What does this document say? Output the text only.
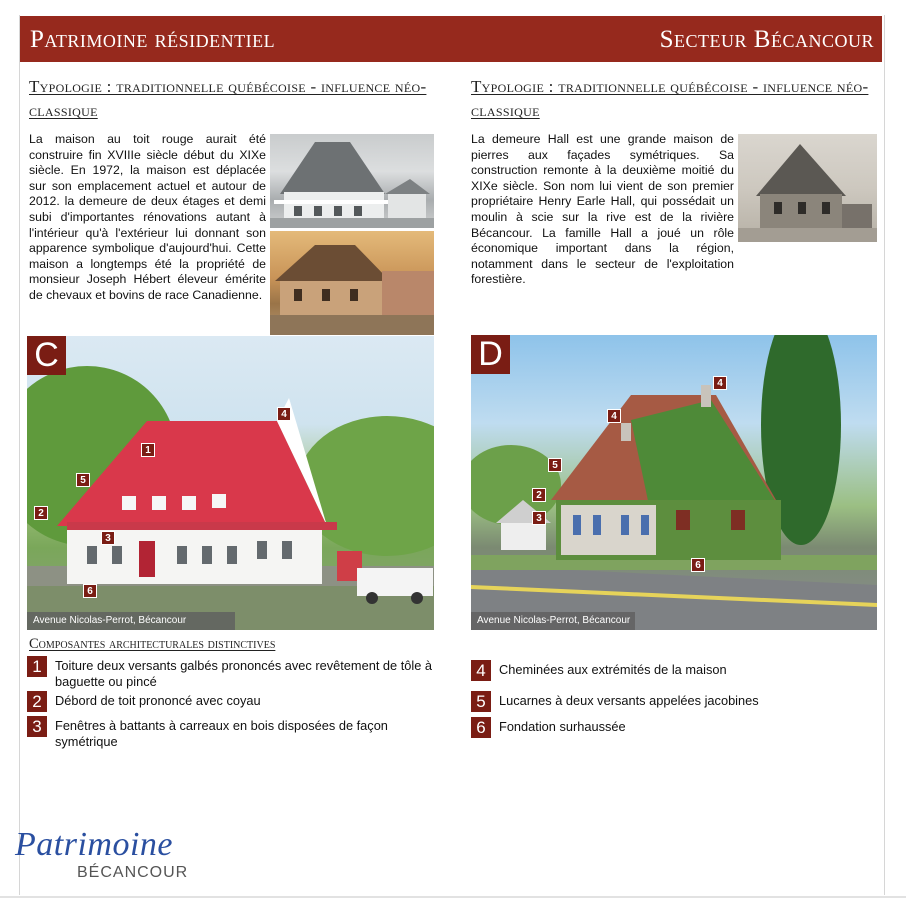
Patrimoine résidentiel	Secteur Bécancour
Typologie : traditionnelle québécoise - influence néo-classique
La maison au toit rouge aurait été construire fin XVIIIe siècle début du XIXe siècle. En 1972, la maison est déplacée sur son emplacement actuel et autour de 2012. la demeure de deux étages et demi subi d'importantes rénovations autant à l'intérieur qu'à l'extérieur lui donnant son apparence symbolique d'aujourd'hui. Cette maison a longtemps été la propriété de monsieur Joseph Hébert éleveur émérite de chevaux et bovins de race Canadienne.
Typologie : traditionnelle québécoise - influence néo-classique
La demeure Hall est une grande maison de pierres aux façades symétriques. Sa construction remonte à la deuxième moitié du XIXe siècle. Son nom lui vient de son premier propriétaire Henry Earle Hall, qui possédait un moulin à scie sur la rive est de la rivière Bécancour. La famille Hall a joué un rôle économique important dans la région, notamment dans le secteur de l'exploitation forestière.
C
Avenue Nicolas-Perrot, Bécancour
1
2
3
4
5
6
D
Avenue Nicolas-Perrot, Bécancour
2
3
4
4
5
6
Composantes architecturales distinctives
1	Toiture deux versants galbés prononcés avec revêtement de tôle à baguette ou pincé
2	Débord de toit prononcé avec coyau
3	Fenêtres à battants à carreaux en bois disposées de façon symétrique
4	Cheminées aux extrémités de la maison
5	Lucarnes à deux versants appelées jacobines
6	Fondation surhaussée
Patrimoine
BÉCANCOUR
